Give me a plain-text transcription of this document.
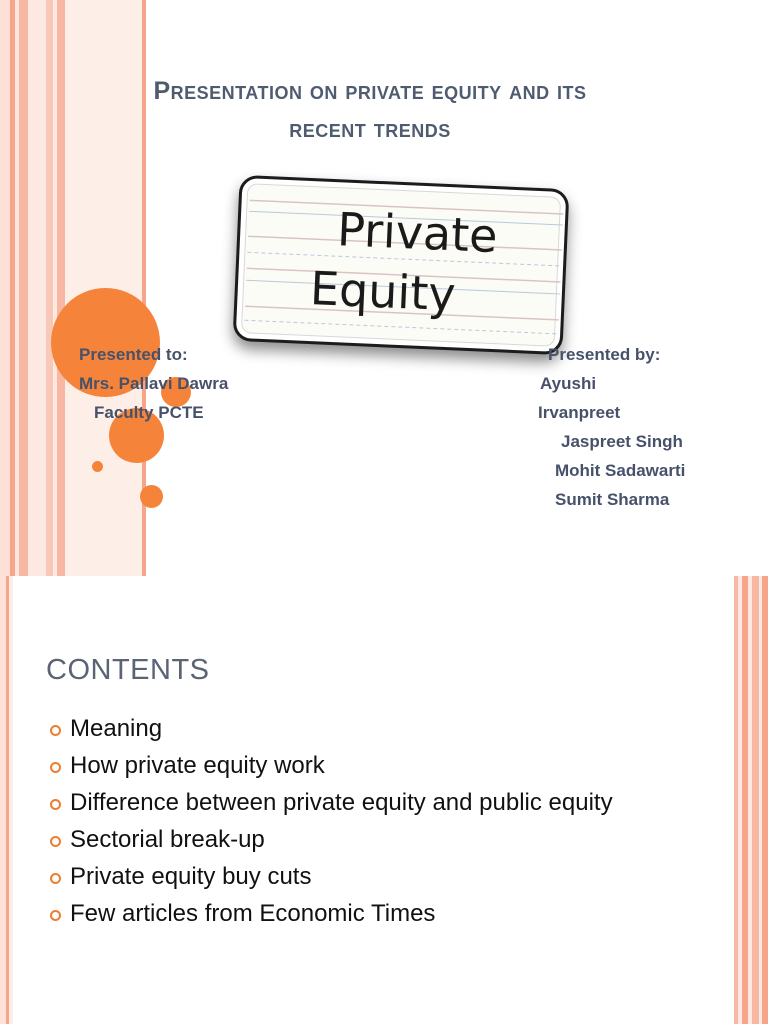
Presentation on private equity and its
recent trends
Private
Equity
Presented to:
Mrs. Pallavi Dawra
Faculty PCTE
Presented by:
Ayushi
Irvanpreet
Jaspreet Singh
Mohit Sadawarti
Sumit Sharma
CONTENTS
Meaning
How private equity work
Difference between private equity and public equity
Sectorial break-up
Private equity buy cuts
Few articles from Economic Times
